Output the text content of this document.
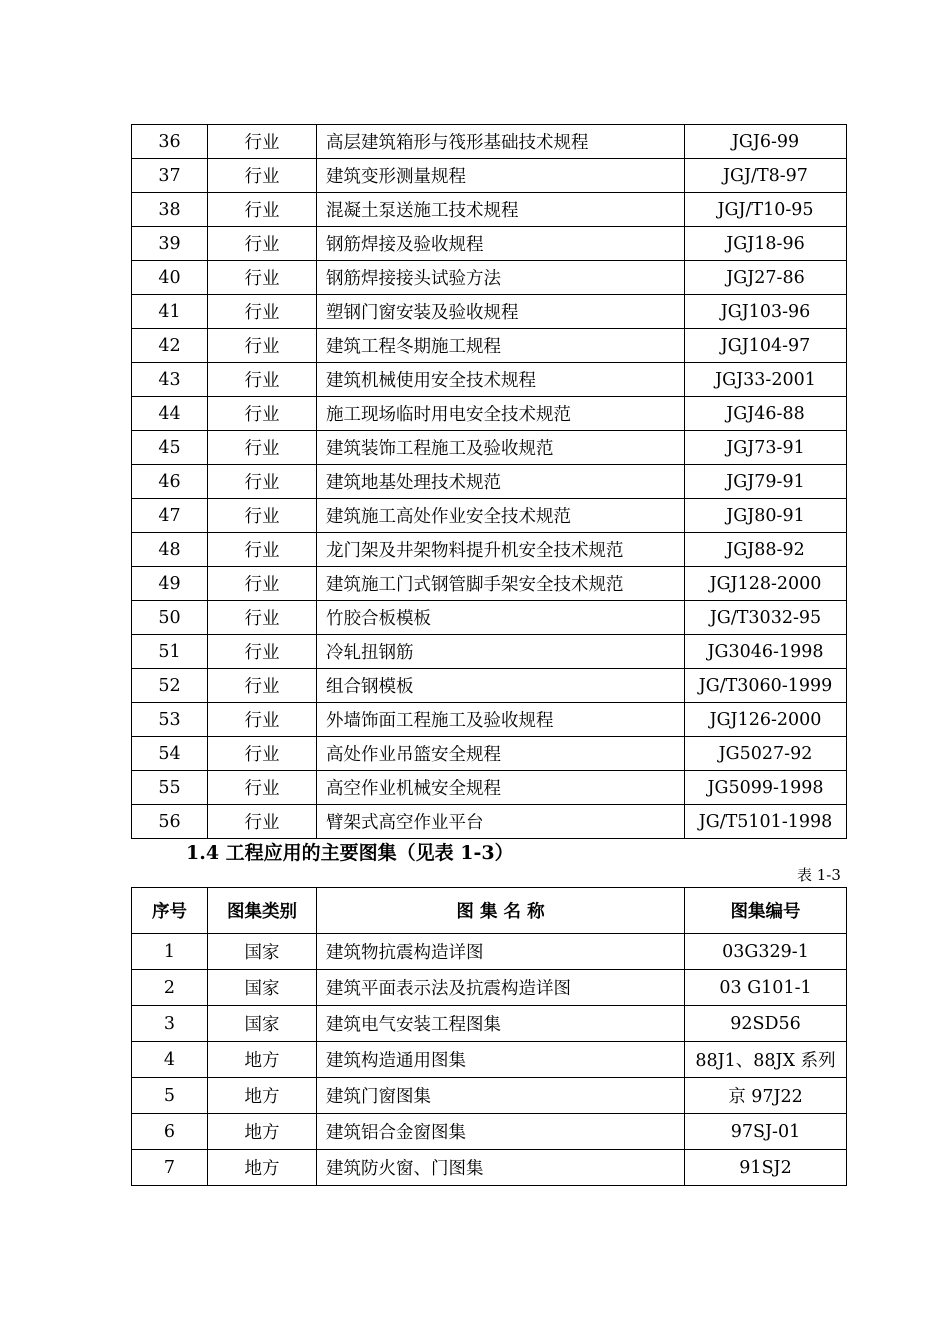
36	行业	高层建筑箱形与筏形基础技术规程	JGJ6-99
37	行业	建筑变形测量规程	JGJ/T8-97
38	行业	混凝土泵送施工技术规程	JGJ/T10-95
39	行业	钢筋焊接及验收规程	JGJ18-96
40	行业	钢筋焊接接头试验方法	JGJ27-86
41	行业	塑钢门窗安装及验收规程	JGJ103-96
42	行业	建筑工程冬期施工规程	JGJ104-97
43	行业	建筑机械使用安全技术规程	JGJ33-2001
44	行业	施工现场临时用电安全技术规范	JGJ46-88
45	行业	建筑装饰工程施工及验收规范	JGJ73-91
46	行业	建筑地基处理技术规范	JGJ79-91
47	行业	建筑施工高处作业安全技术规范	JGJ80-91
48	行业	龙门架及井架物料提升机安全技术规范	JGJ88-92
49	行业	建筑施工门式钢管脚手架安全技术规范	JGJ128-2000
50	行业	竹胶合板模板	JG/T3032-95
51	行业	冷轧扭钢筋	JG3046-1998
52	行业	组合钢模板	JG/T3060-1999
53	行业	外墙饰面工程施工及验收规程	JGJ126-2000
54	行业	高处作业吊篮安全规程	JG5027-92
55	行业	高空作业机械安全规程	JG5099-1998
56	行业	臂架式高空作业平台	JG/T5101-1998
1.4 工程应用的主要图集（见表 1-3）

表 1-3

序号	图集类别	图 集 名 称	图集编号
1	国家	建筑物抗震构造详图	03G329-1
2	国家	建筑平面表示法及抗震构造详图	03 G101-1
3	国家	建筑电气安装工程图集	92SD56
4	地方	建筑构造通用图集	88J1、88JX 系列
5	地方	建筑门窗图集	京 97J22
6	地方	建筑铝合金窗图集	97SJ-01
7	地方	建筑防火窗、门图集	91SJ2
